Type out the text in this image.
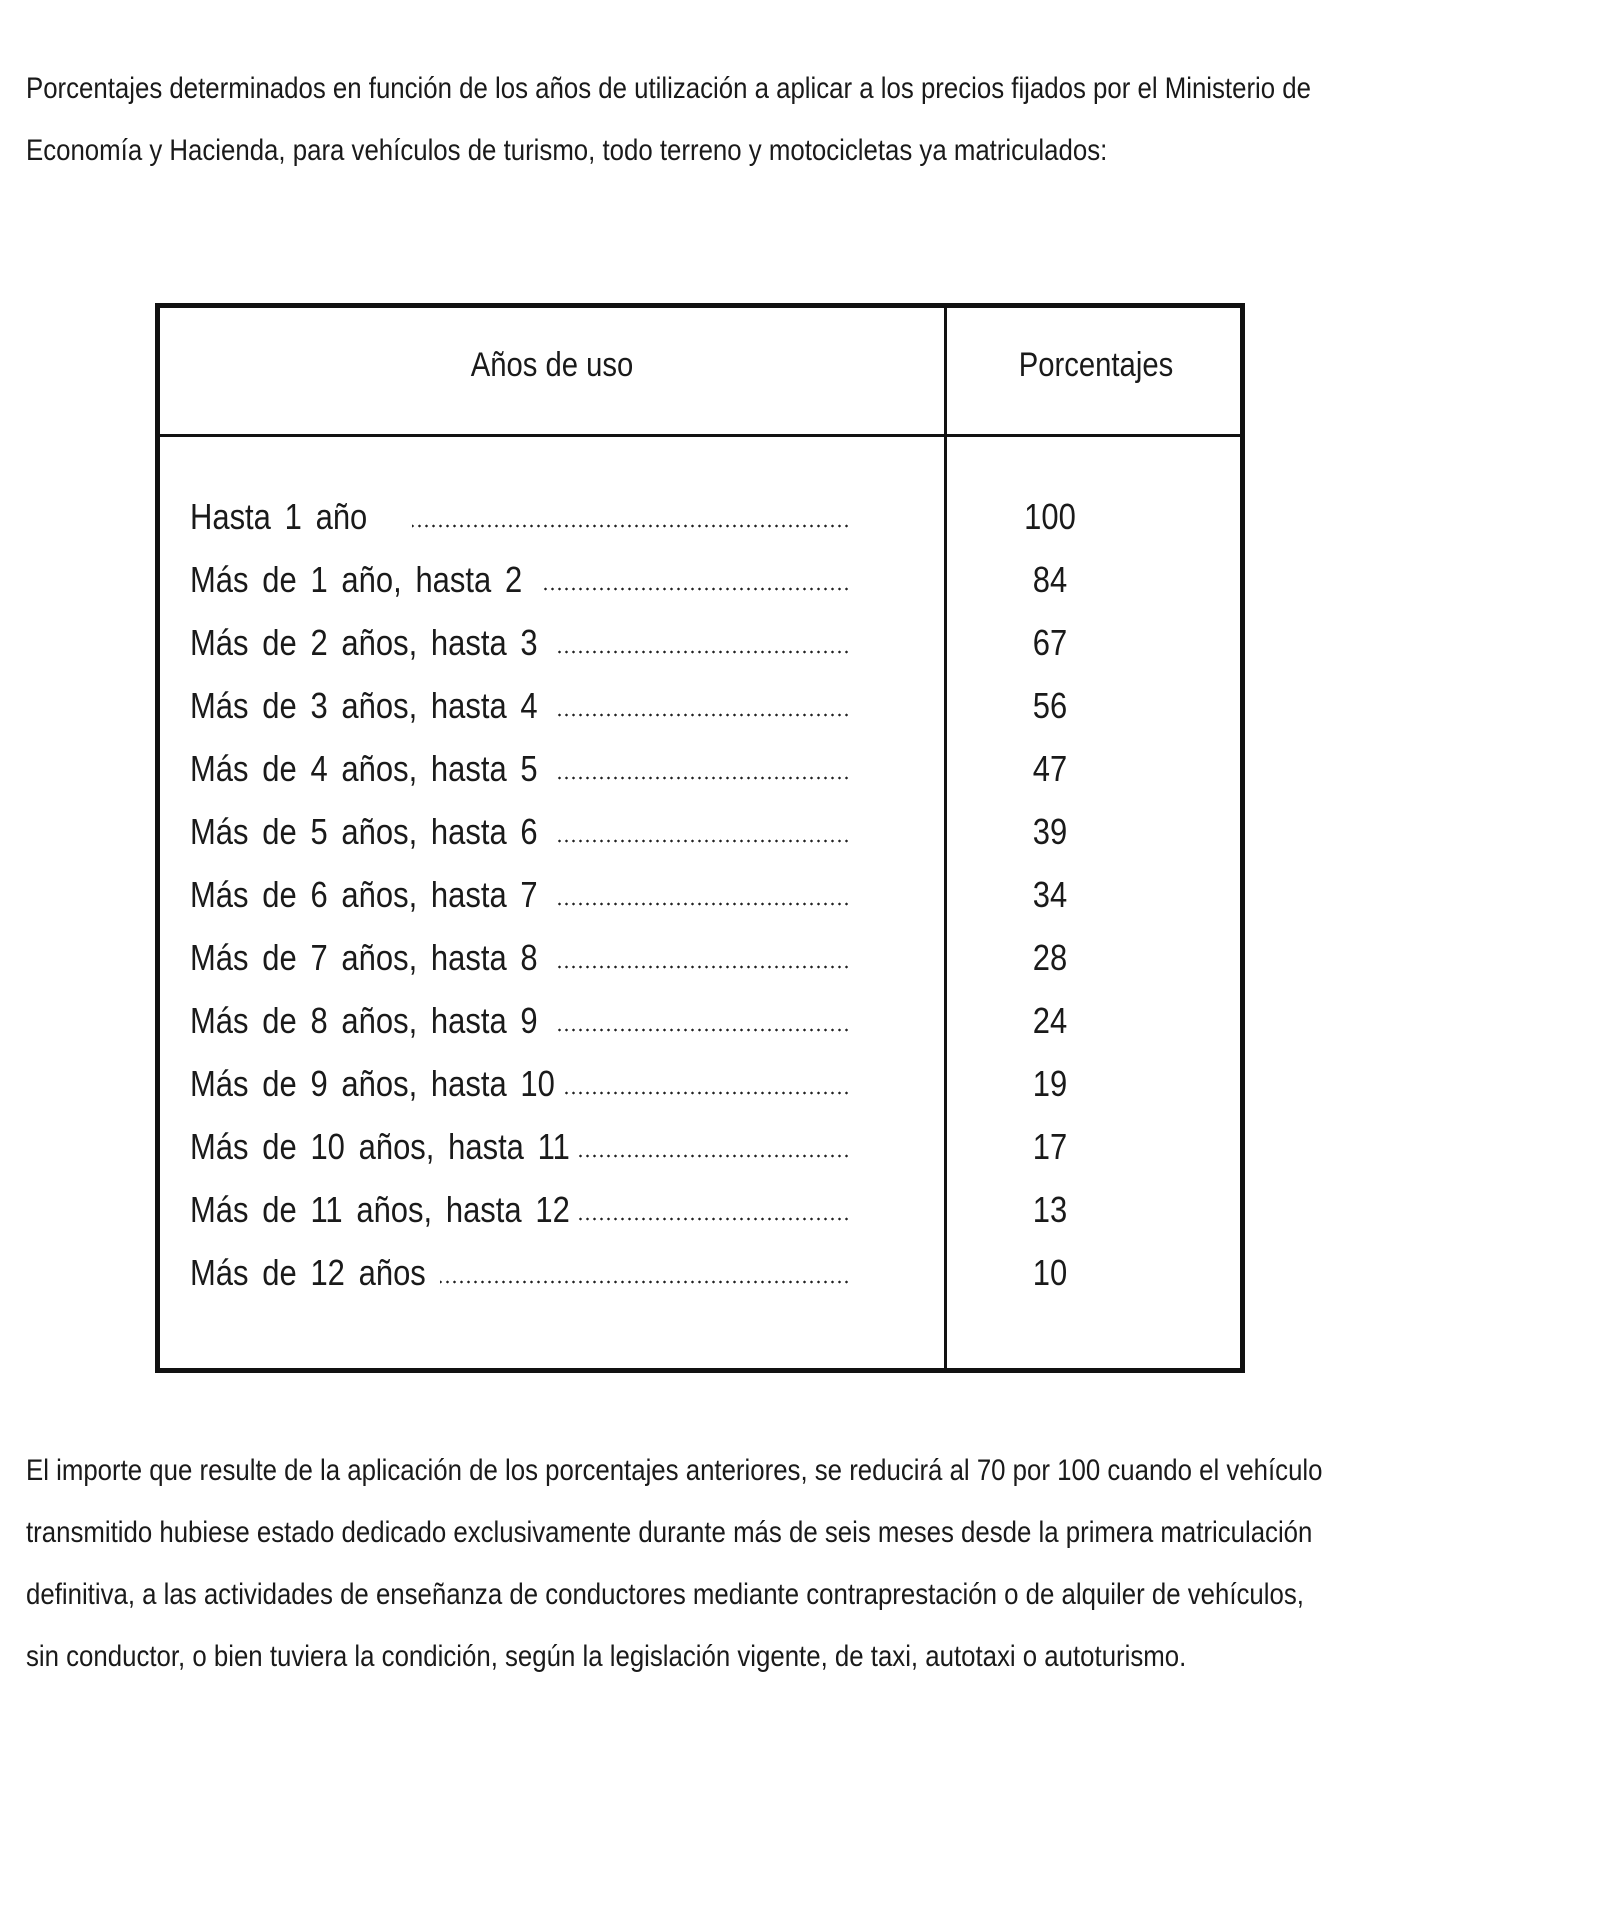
Porcentajes determinados en función de los años de utilización a aplicar a los precios fijados por el Ministerio de
Economía y Hacienda, para vehículos de turismo, todo terreno y motocicletas ya matriculados:
Años de uso	Porcentajes
Hasta 1 año	100
Más de 1 año, hasta 2	84
Más de 2 años, hasta 3	67
Más de 3 años, hasta 4	56
Más de 4 años, hasta 5	47
Más de 5 años, hasta 6	39
Más de 6 años, hasta 7	34
Más de 7 años, hasta 8	28
Más de 8 años, hasta 9	24
Más de 9 años, hasta 10	19
Más de 10 años, hasta 11	17
Más de 11 años, hasta 12	13
Más de 12 años	10
El importe que resulte de la aplicación de los porcentajes anteriores, se reducirá al 70 por 100 cuando el vehículo
transmitido hubiese estado dedicado exclusivamente durante más de seis meses desde la primera matriculación
definitiva, a las actividades de enseñanza de conductores mediante contraprestación o de alquiler de vehículos,
sin conductor, o bien tuviera la condición, según la legislación vigente, de taxi, autotaxi o autoturismo.
